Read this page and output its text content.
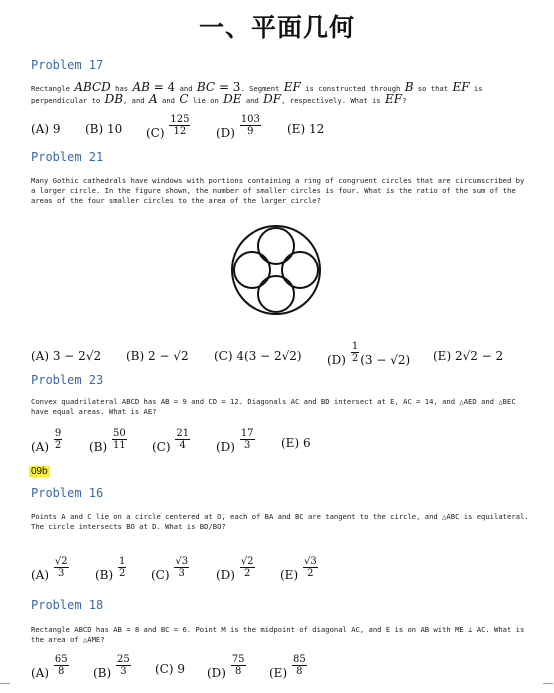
一、平面几何
Problem 17
Rectangle ABCD has AB = 4 and BC = 3. Segment EF is constructed through B so that EF is
perpendicular to DB, and A and C lie on DE and DF, respectively. What is EF?
(A) 9 (B) 10 $(C) \frac{125}{12} (D) \frac{103}{9} (E)$ 12
Problem 21
Many Gothic cathedrals have windows with portions containing a ring of congruent circles that are circumscribed by a larger circle. In the figure shown, the number of smaller circles is four. What is the ratio of the sum of the areas of the four smaller circles to the area of the larger circle?
(A) 3 − 2√2 (B) 2 − √2 (C) 4(3 − 2√2) $(D) \frac{1}{2} (3 - √2)$ (E) 2√2 − 2
Problem 23
Convex quadrilateral ABCD has AB = 9 and CD = 12. Diagonals AC and BD intersect at E, AC = 14, and △AED and △BEC have equal areas. What is AE?
$(A) \frac{9}{2} (B) \frac{50}{11} (C) \frac{21}{4} (D) \frac{17}{3} (E)$ 6
09b
Problem 16
Points A and C lie on a circle centered at O, each of BA and BC are tangent to the circle, and △ABC is equilateral. The circle intersects BO at D. What is BD/BO?
$(A) \frac{√2}{3} (B) \frac{1}{2} (C) \frac{√3}{3} (D) \frac{√2}{2} (E) \frac{√3}{2}$
Problem 18
Rectangle ABCD has AB = 8 and BC = 6. Point M is the midpoint of diagonal AC, and E is on AB with ME ⊥ AC. What is the area of △AME?
$(A) \frac{65}{8} (B) \frac{25}{3} (C)$ 9 $(D) \frac{75}{8} (E) \frac{85}{8}$
